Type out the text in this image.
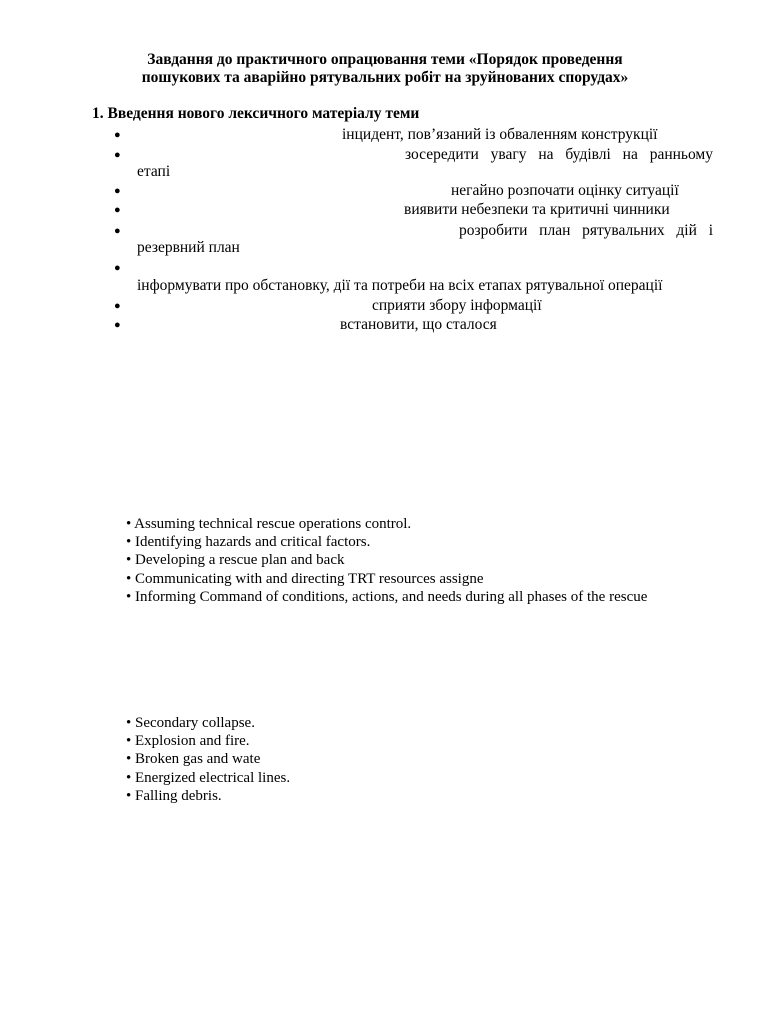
Завдання до практичного опрацювання теми «Порядок проведення
пошукових та аварійно рятувальних робіт на зруйнованих спорудах»
1. Введення нового лексичного матеріалу теми
●	інцидент, пов’язаний із обваленням конструкції
●	зосередити увагу на будівлі на ранньому
етапі
●	негайно розпочати оцінку ситуації
●	виявити небезпеки та критичні чинники
●	розробити план рятувальних дій і
резервний план
●
інформувати про обстановку, дії та потреби на всіх етапах рятувальної операції
●	сприяти збору інформації
●	встановити, що сталося
• Assuming technical rescue operations control.
• Identifying hazards and critical factors.
• Developing a rescue plan and back
• Communicating with and directing TRT resources assigne
• Informing Command of conditions, actions, and needs during all phases of the rescue
• Secondary collapse.
• Explosion and fire.
• Broken gas and wate
• Energized electrical lines.
• Falling debris.
